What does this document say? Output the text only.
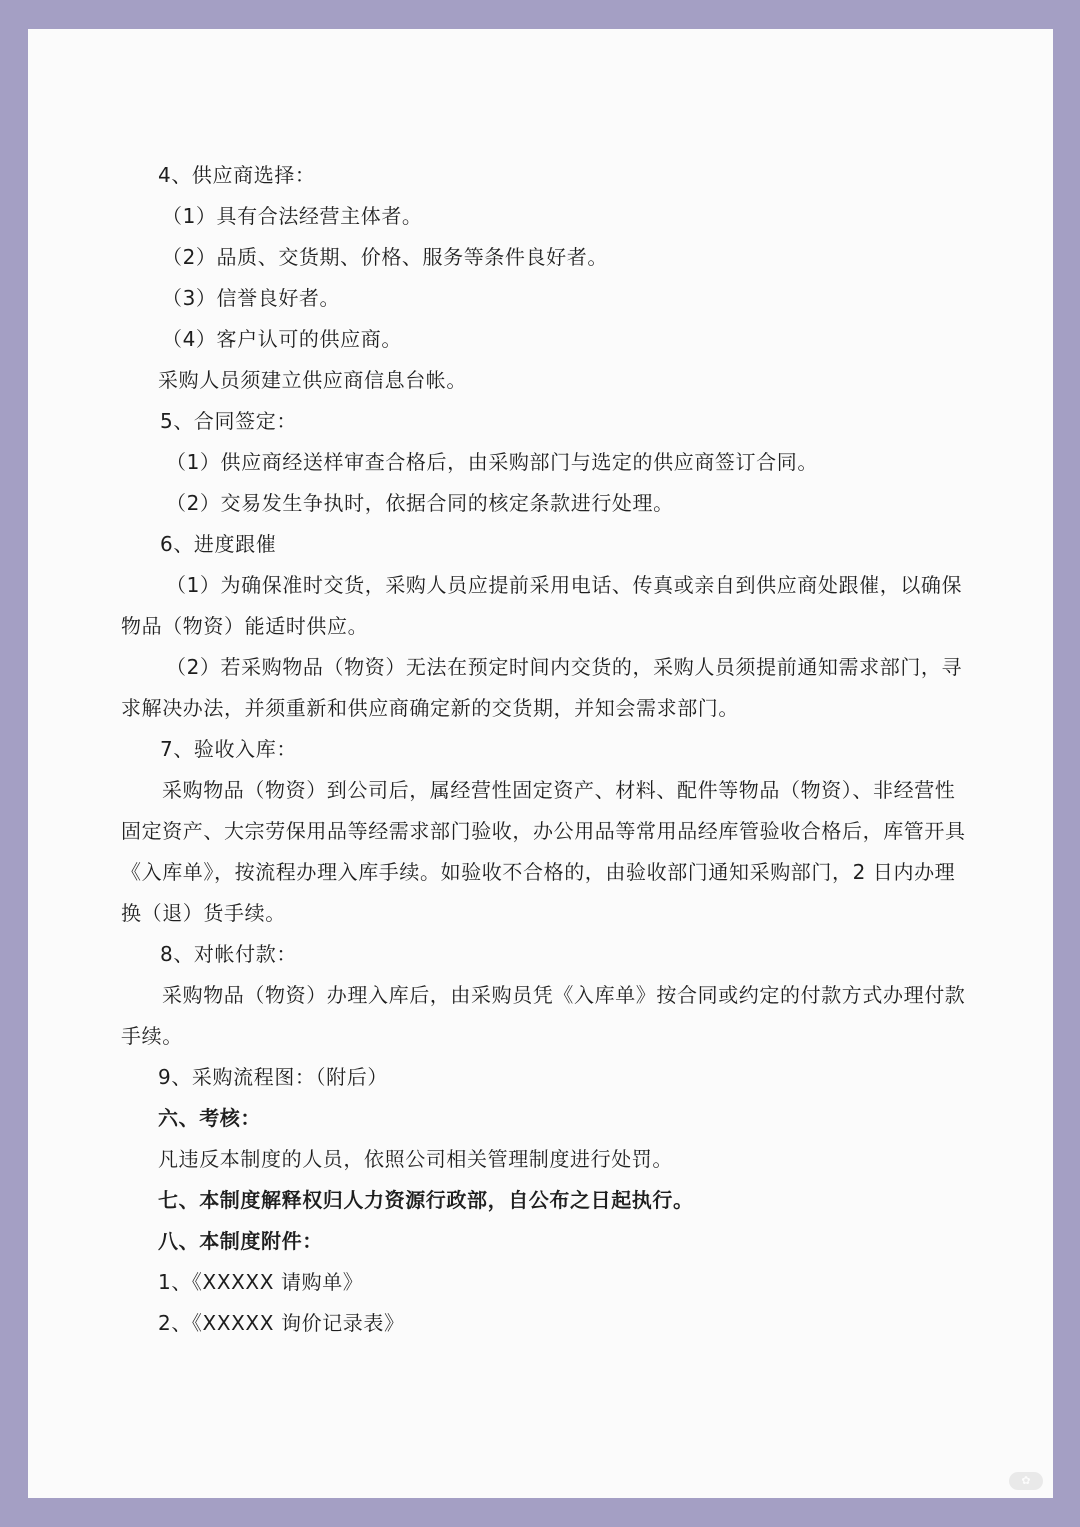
4、供应商选择：

（1）具有合法经营主体者。

（2）品质、交货期、价格、服务等条件良好者。

（3）信誉良好者。

（4）客户认可的供应商。

采购人员须建立供应商信息台帐。

5、合同签定：

（1）供应商经送样审查合格后，由采购部门与选定的供应商签订合同。

（2）交易发生争执时，依据合同的核定条款进行处理。

6、进度跟催

（1）为确保准时交货，采购人员应提前采用电话、传真或亲自到供应商处跟催，以确保

物品（物资）能适时供应。

（2）若采购物品（物资）无法在预定时间内交货的，采购人员须提前通知需求部门，寻

求解决办法，并须重新和供应商确定新的交货期，并知会需求部门。

7、验收入库：

采购物品（物资）到公司后，属经营性固定资产、材料、配件等物品（物资）、非经营性

固定资产、大宗劳保用品等经需求部门验收，办公用品等常用品经库管验收合格后，库管开具

《入库单》，按流程办理入库手续。如验收不合格的，由验收部门通知采购部门，2 日内办理

换（退）货手续。

8、对帐付款：

采购物品（物资）办理入库后，由采购员凭《入库单》按合同或约定的付款方式办理付款

手续。

9、采购流程图：（附后）

六、考核：

凡违反本制度的人员，依照公司相关管理制度进行处罚。

七、本制度解释权归人力资源行政部，自公布之日起执行。

八、本制度附件：

1、《XXXXX 请购单》

2、《XXXXX 询价记录表》

✿
